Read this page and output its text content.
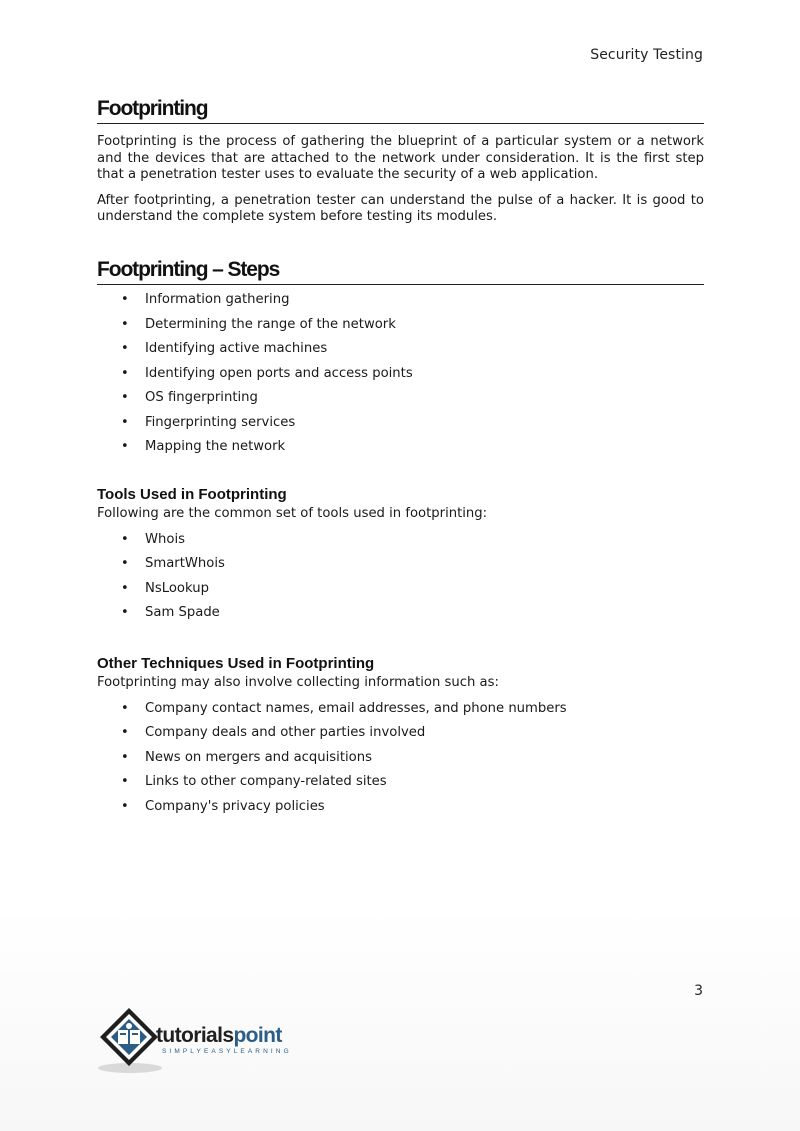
Security Testing
Footprinting

Footprinting is the process of gathering the blueprint of a particular system or a network and the devices that are attached to the network under consideration. It is the first step that a penetration tester uses to evaluate the security of a web application.

After footprinting, a penetration tester can understand the pulse of a hacker. It is good to understand the complete system before testing its modules.

Footprinting – Steps
• Information gathering
• Determining the range of the network
• Identifying active machines
• Identifying open ports and access points
• OS fingerprinting
• Fingerprinting services
• Mapping the network
Tools Used in Footprinting

Following are the common set of tools used in footprinting:

• Whois
• SmartWhois
• NsLookup
• Sam Spade
Other Techniques Used in Footprinting

Footprinting may also involve collecting information such as:

• Company contact names, email addresses, and phone numbers
• Company deals and other parties involved
• News on mergers and acquisitions
• Links to other company-related sites
• Company's privacy policies
3
tutorialspoint
SIMPLYEASYLEARNING
